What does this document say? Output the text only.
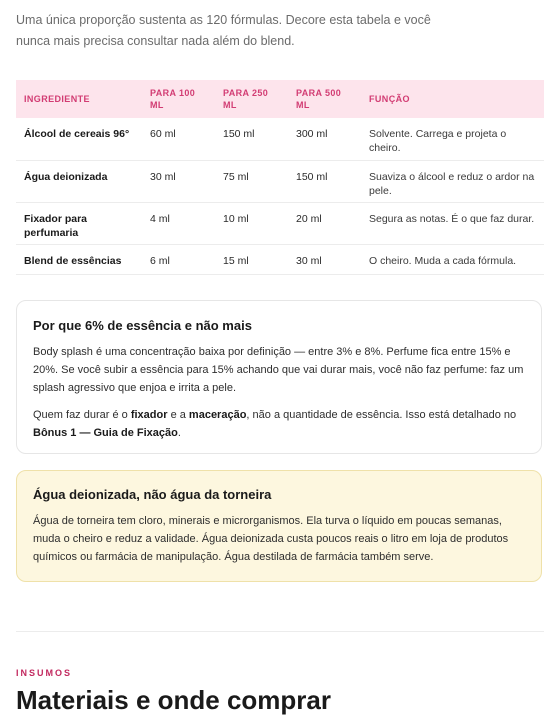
Uma única proporção sustenta as 120 fórmulas. Decore esta tabela e você
nunca mais precisa consultar nada além do blend.
INGREDIENTE	PARA 100 ML	PARA 250 ML	PARA 500 ML	FUNÇÃO
Álcool de cereais 96°	60 ml	150 ml	300 ml	Solvente. Carrega e projeta o cheiro.
Água deionizada	30 ml	75 ml	150 ml	Suaviza o álcool e reduz o ardor na pele.
Fixador para perfumaria	4 ml	10 ml	20 ml	Segura as notas. É o que faz durar.
Blend de essências	6 ml	15 ml	30 ml	O cheiro. Muda a cada fórmula.
Por que 6% de essência e não mais

Body splash é uma concentração baixa por definição — entre 3% e 8%. Perfume fica entre 15% e 20%. Se você subir a essência para 15% achando que vai durar mais, você não faz perfume: faz um splash agressivo que enjoa e irrita a pele.

Quem faz durar é o fixador e a maceração, não a quantidade de essência. Isso está detalhado no Bônus 1 — Guia de Fixação.

Água deionizada, não água da torneira

Água de torneira tem cloro, minerais e microrganismos. Ela turva o líquido em poucas semanas, muda o cheiro e reduz a validade. Água deionizada custa poucos reais o litro em loja de produtos químicos ou farmácia de manipulação. Água destilada de farmácia também serve.

INSUMOS
Materiais e onde comprar
